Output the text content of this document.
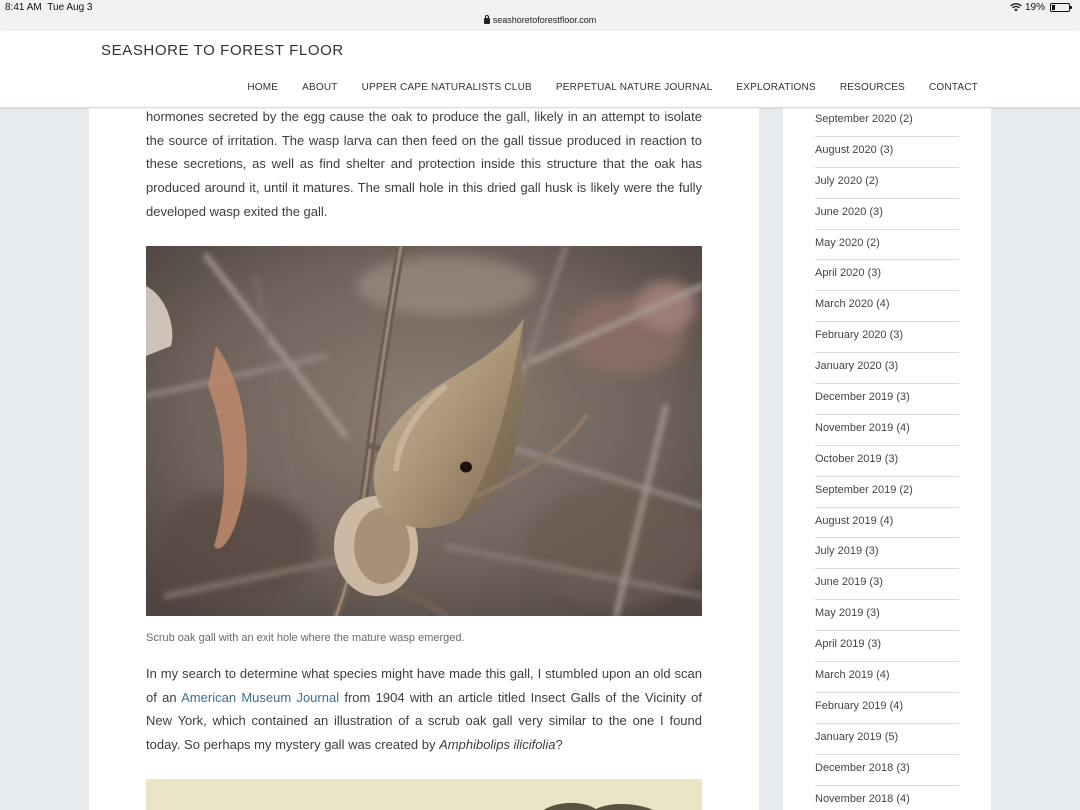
8:41 AM Tue Aug 3
seashoretoforestfloor.com
19%
SEASHORE TO FOREST FLOOR
HOME ABOUT UPPER CAPE NATURALISTS CLUB PERPETUAL NATURE JOURNAL EXPLORATIONS RESOURCES CONTACT

hormones secreted by the egg cause the oak to produce the gall, likely in an attempt to isolate the source of irritation. The wasp larva can then feed on the gall tissue produced in reaction to these secretions, as well as find shelter and protection inside this structure that the oak has produced around it, until it matures. The small hole in this dried gall husk is likely were the fully developed wasp exited the gall.

Scrub oak gall with an exit hole where the mature wasp emerged.

In my search to determine what species might have made this gall, I stumbled upon an old scan of an American Museum Journal from 1904 with an article titled Insect Galls of the Vicinity of New York, which contained an illustration of a scrub oak gall very similar to the one I found today. So perhaps my mystery gall was created by Amphibolips ilicifolia?

September 2020 (2)
August 2020 (3)
July 2020 (2)
June 2020 (3)
May 2020 (2)
April 2020 (3)
March 2020 (4)
February 2020 (3)
January 2020 (3)
December 2019 (3)
November 2019 (4)
October 2019 (3)
September 2019 (2)
August 2019 (4)
July 2019 (3)
June 2019 (3)
May 2019 (3)
April 2019 (3)
March 2019 (4)
February 2019 (4)
January 2019 (5)
December 2018 (3)
November 2018 (4)
